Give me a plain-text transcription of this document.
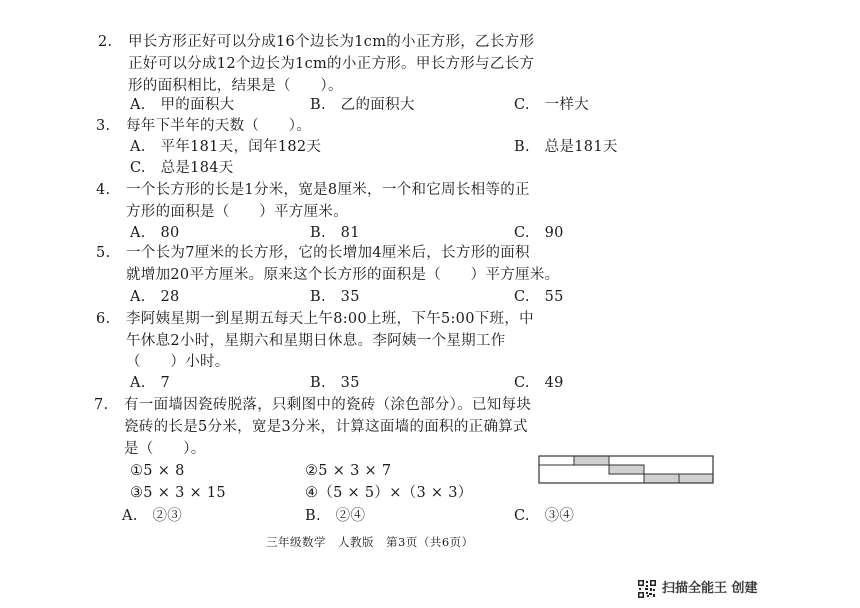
2. 甲长方形正好可以分成16个边长为1cm的小正方形，乙长方形
正好可以分成12个边长为1cm的小正方形。甲长方形与乙长方
形的面积相比，结果是（　　）。
A.　甲的面积大	B.　乙的面积大	C.　一样大
3. 每年下半年的天数（　　）。
A.　平年181天，闰年182天	B.　总是181天
C.　总是184天
4. 一个长方形的长是1分米，宽是8厘米，一个和它周长相等的正
方形的面积是（　　）平方厘米。
A.　80	B.　81	C.　90
5. 一个长为7厘米的长方形，它的长增加4厘米后，长方形的面积
就增加20平方厘米。原来这个长方形的面积是（　　）平方厘米。
A.　28	B.　35	C.　55
6. 李阿姨星期一到星期五每天上午8:00上班，下午5:00下班，中
午休息2小时，星期六和星期日休息。李阿姨一个星期工作
（　　）小时。
A.　7	B.　35	C.　49
7. 有一面墙因瓷砖脱落，只剩图中的瓷砖（涂色部分）。已知每块
瓷砖的长是5分米，宽是3分米，计算这面墙的面积的正确算式
是（　　）。
①5 × 8	②5 × 3 × 7
③5 × 3 × 15	④（5 × 5）×（3 × 3）
A.　②③	B.　②④	C.　③④
三年级数学　人教版　第3页（共6页）
扫描全能王 创建
